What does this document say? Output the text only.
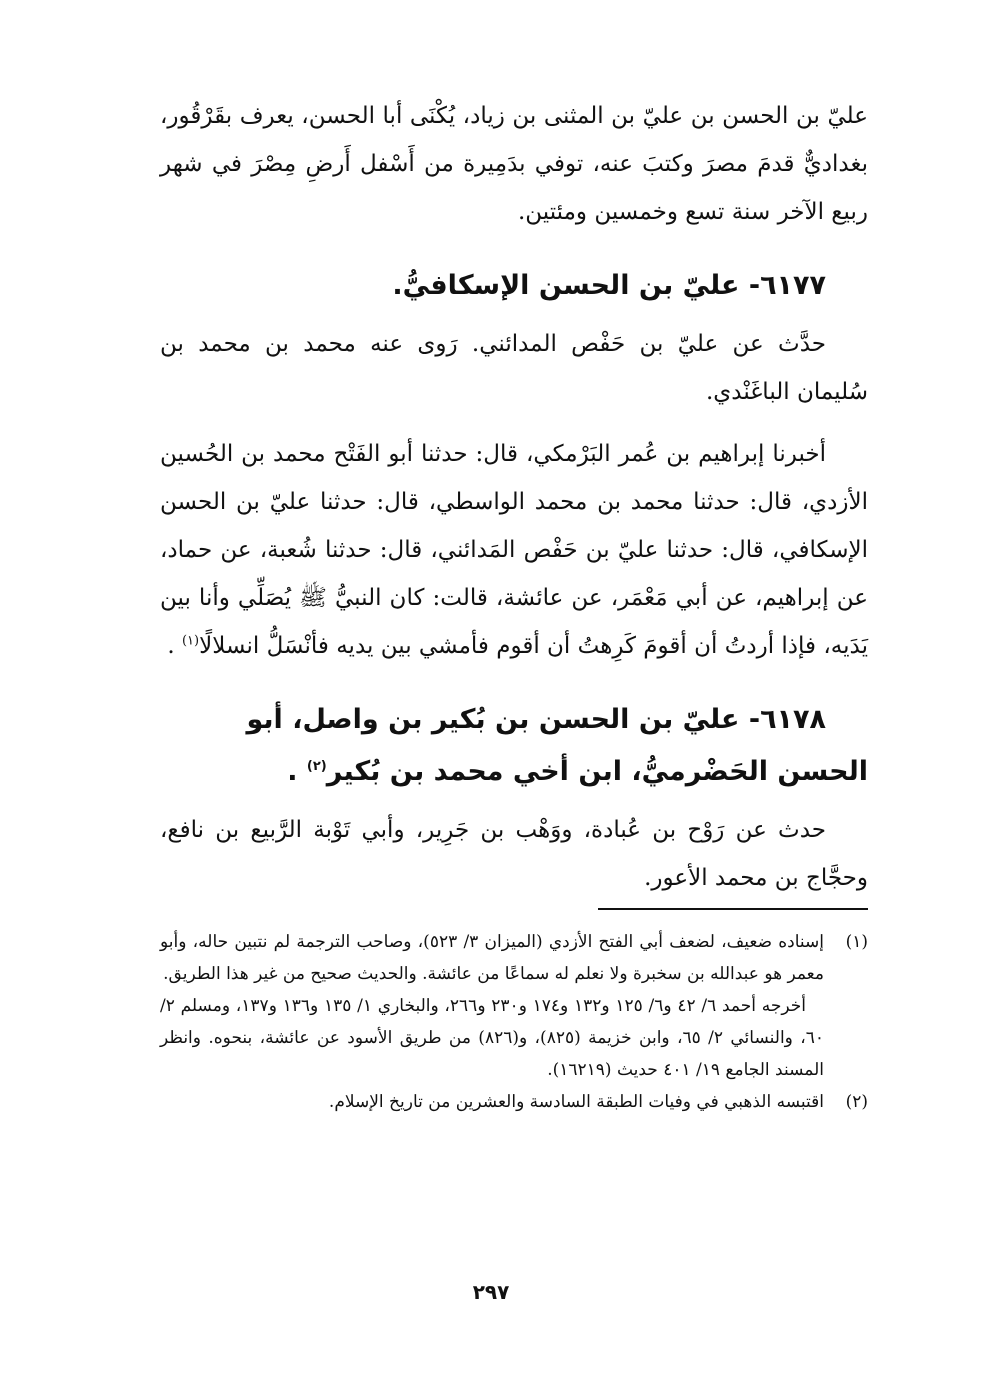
عليّ بن الحسن بن عليّ بن المثنى بن زياد، يُكْنَى أبا الحسن، يعرف بقَرْقُور، بغداديٌّ قدمَ مصرَ وكتبَ عنه، توفي بدَمِيرة من أَسْفل أَرضِ مِصْرَ في شهر ربيع الآخر سنة تسع وخمسين ومئتين.

٦١٧٧- عليّ بن الحسن الإسكافيُّ.

حدَّث عن عليّ بن حَفْص المدائني. رَوى عنه محمد بن محمد بن سُليمان الباغَنْدي.

أخبرنا إبراهيم بن عُمر البَرْمكي، قال: حدثنا أبو الفَتْح محمد بن الحُسين الأزدي، قال: حدثنا محمد بن محمد الواسطي، قال: حدثنا عليّ بن الحسن الإسكافي، قال: حدثنا عليّ بن حَفْص المَدائني، قال: حدثنا شُعبة، عن حماد، عن إبراهيم، عن أبي مَعْمَر، عن عائشة، قالت: كان النبيُّ ﷺ يُصَلِّي وأنا بين يَدَيه، فإذا أردتُ أن أقومَ كَرِهتُ أن أقوم فأمشي بين يديه فأنْسَلُّ انسلالًا$^{(١)}$ .

٦١٧٨- عليّ بن الحسن بن بُكير بن واصل، أبو الحسن الحَضْرميُّ، ابن أخي محمد بن بُكير$^{(٢)}$ .

حدث عن رَوْح بن عُبادة، ووَهْب بن جَرِير، وأبي تَوْبة الرَّبيع بن نافع، وحجَّاج بن محمد الأعور.

(١)

إسناده ضعيف، لضعف أبي الفتح الأزدي (الميزان ٣/ ٥٢٣)، وصاحب الترجمة لم نتبين حاله، وأبو معمر هو عبدالله بن سخبرة ولا نعلم له سماعًا من عائشة. والحديث صحيح من غير هذا الطريق.

أخرجه أحمد ٦/ ٤٢ و٦/ ١٢٥ و١٣٢ و١٧٤ و٢٣٠ و٢٦٦، والبخاري ١/ ١٣٥ و١٣٦ و١٣٧، ومسلم ٢/ ٦٠، والنسائي ٢/ ٦٥، وابن خزيمة (٨٢٥)، و(٨٢٦) من طريق الأسود عن عائشة، بنحوه. وانظر المسند الجامع ١٩/ ٤٠١ حديث (١٦٢١٩).

(٢)

اقتبسه الذهبي في وفيات الطبقة السادسة والعشرين من تاريخ الإسلام.

٢٩٧
